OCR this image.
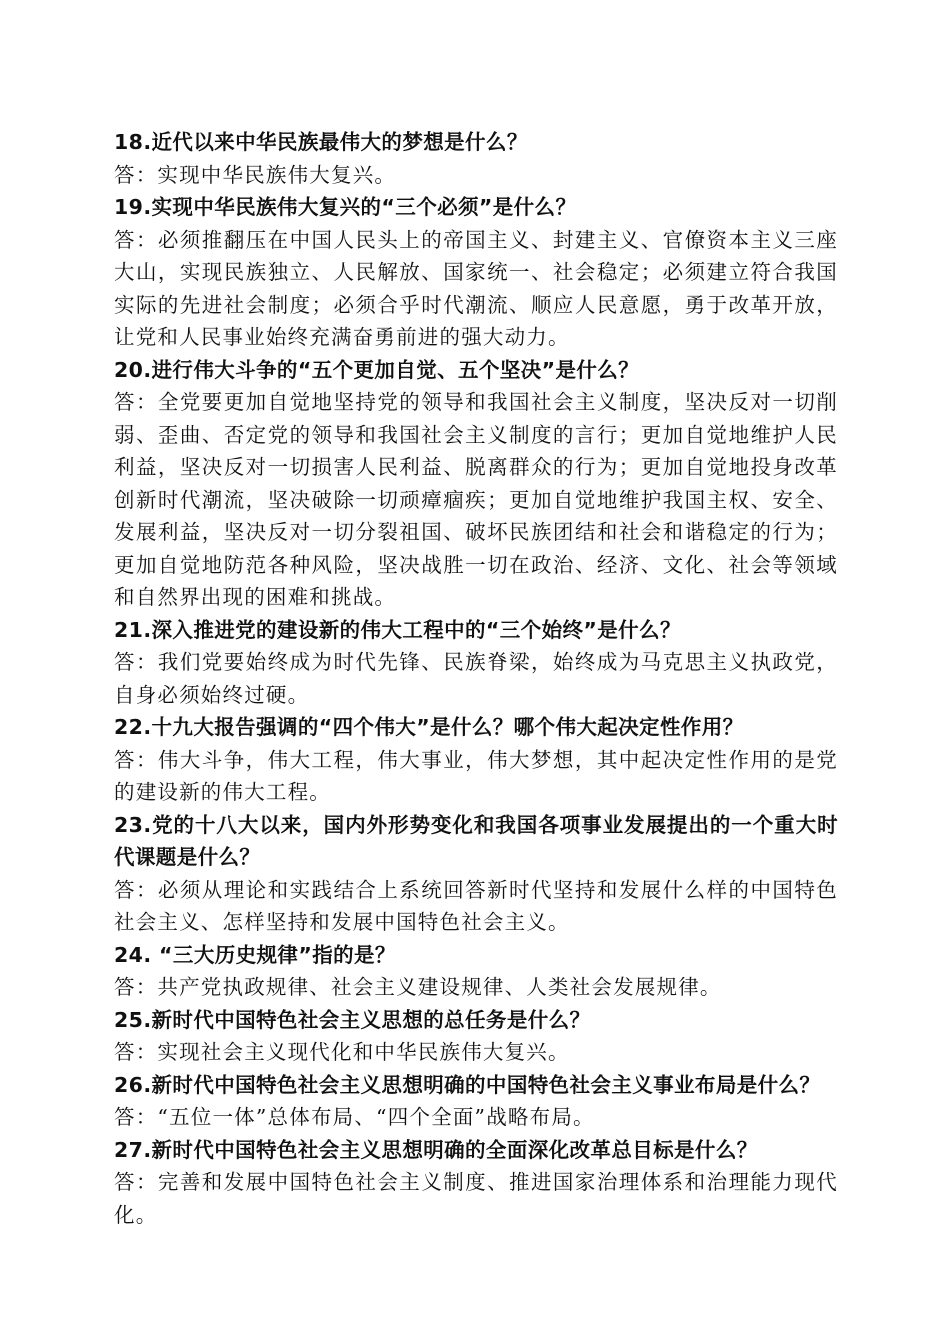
18.近代以来中华民族最伟大的梦想是什么？

答：实现中华民族伟大复兴。

19.实现中华民族伟大复兴的“三个必须”是什么？

答：必须推翻压在中国人民头上的帝国主义、封建主义、官僚资本主义三座大山，实现民族独立、人民解放、国家统一、社会稳定；必须建立符合我国实际的先进社会制度；必须合乎时代潮流、顺应人民意愿，勇于改革开放，让党和人民事业始终充满奋勇前进的强大动力。

20.进行伟大斗争的“五个更加自觉、五个坚决”是什么？

答：全党要更加自觉地坚持党的领导和我国社会主义制度，坚决反对一切削弱、歪曲、否定党的领导和我国社会主义制度的言行；更加自觉地维护人民利益，坚决反对一切损害人民利益、脱离群众的行为；更加自觉地投身改革创新时代潮流，坚决破除一切顽瘴痼疾；更加自觉地维护我国主权、安全、发展利益，坚决反对一切分裂祖国、破坏民族团结和社会和谐稳定的行为；更加自觉地防范各种风险，坚决战胜一切在政治、经济、文化、社会等领域和自然界出现的困难和挑战。

21.深入推进党的建设新的伟大工程中的“三个始终”是什么？

答：我们党要始终成为时代先锋、民族脊梁，始终成为马克思主义执政党，自身必须始终过硬。

22.十九大报告强调的“四个伟大”是什么？哪个伟大起决定性作用？

答：伟大斗争，伟大工程，伟大事业，伟大梦想，其中起决定性作用的是党的建设新的伟大工程。

23.党的十八大以来，国内外形势变化和我国各项事业发展提出的一个重大时代课题是什么？

答：必须从理论和实践结合上系统回答新时代坚持和发展什么样的中国特色社会主义、怎样坚持和发展中国特色社会主义。

24. “三大历史规律”指的是？

答：共产党执政规律、社会主义建设规律、人类社会发展规律。

25.新时代中国特色社会主义思想的总任务是什么？

答：实现社会主义现代化和中华民族伟大复兴。

26.新时代中国特色社会主义思想明确的中国特色社会主义事业布局是什么？

答：“五位一体”总体布局、“四个全面”战略布局。

27.新时代中国特色社会主义思想明确的全面深化改革总目标是什么？

答：完善和发展中国特色社会主义制度、推进国家治理体系和治理能力现代化。
